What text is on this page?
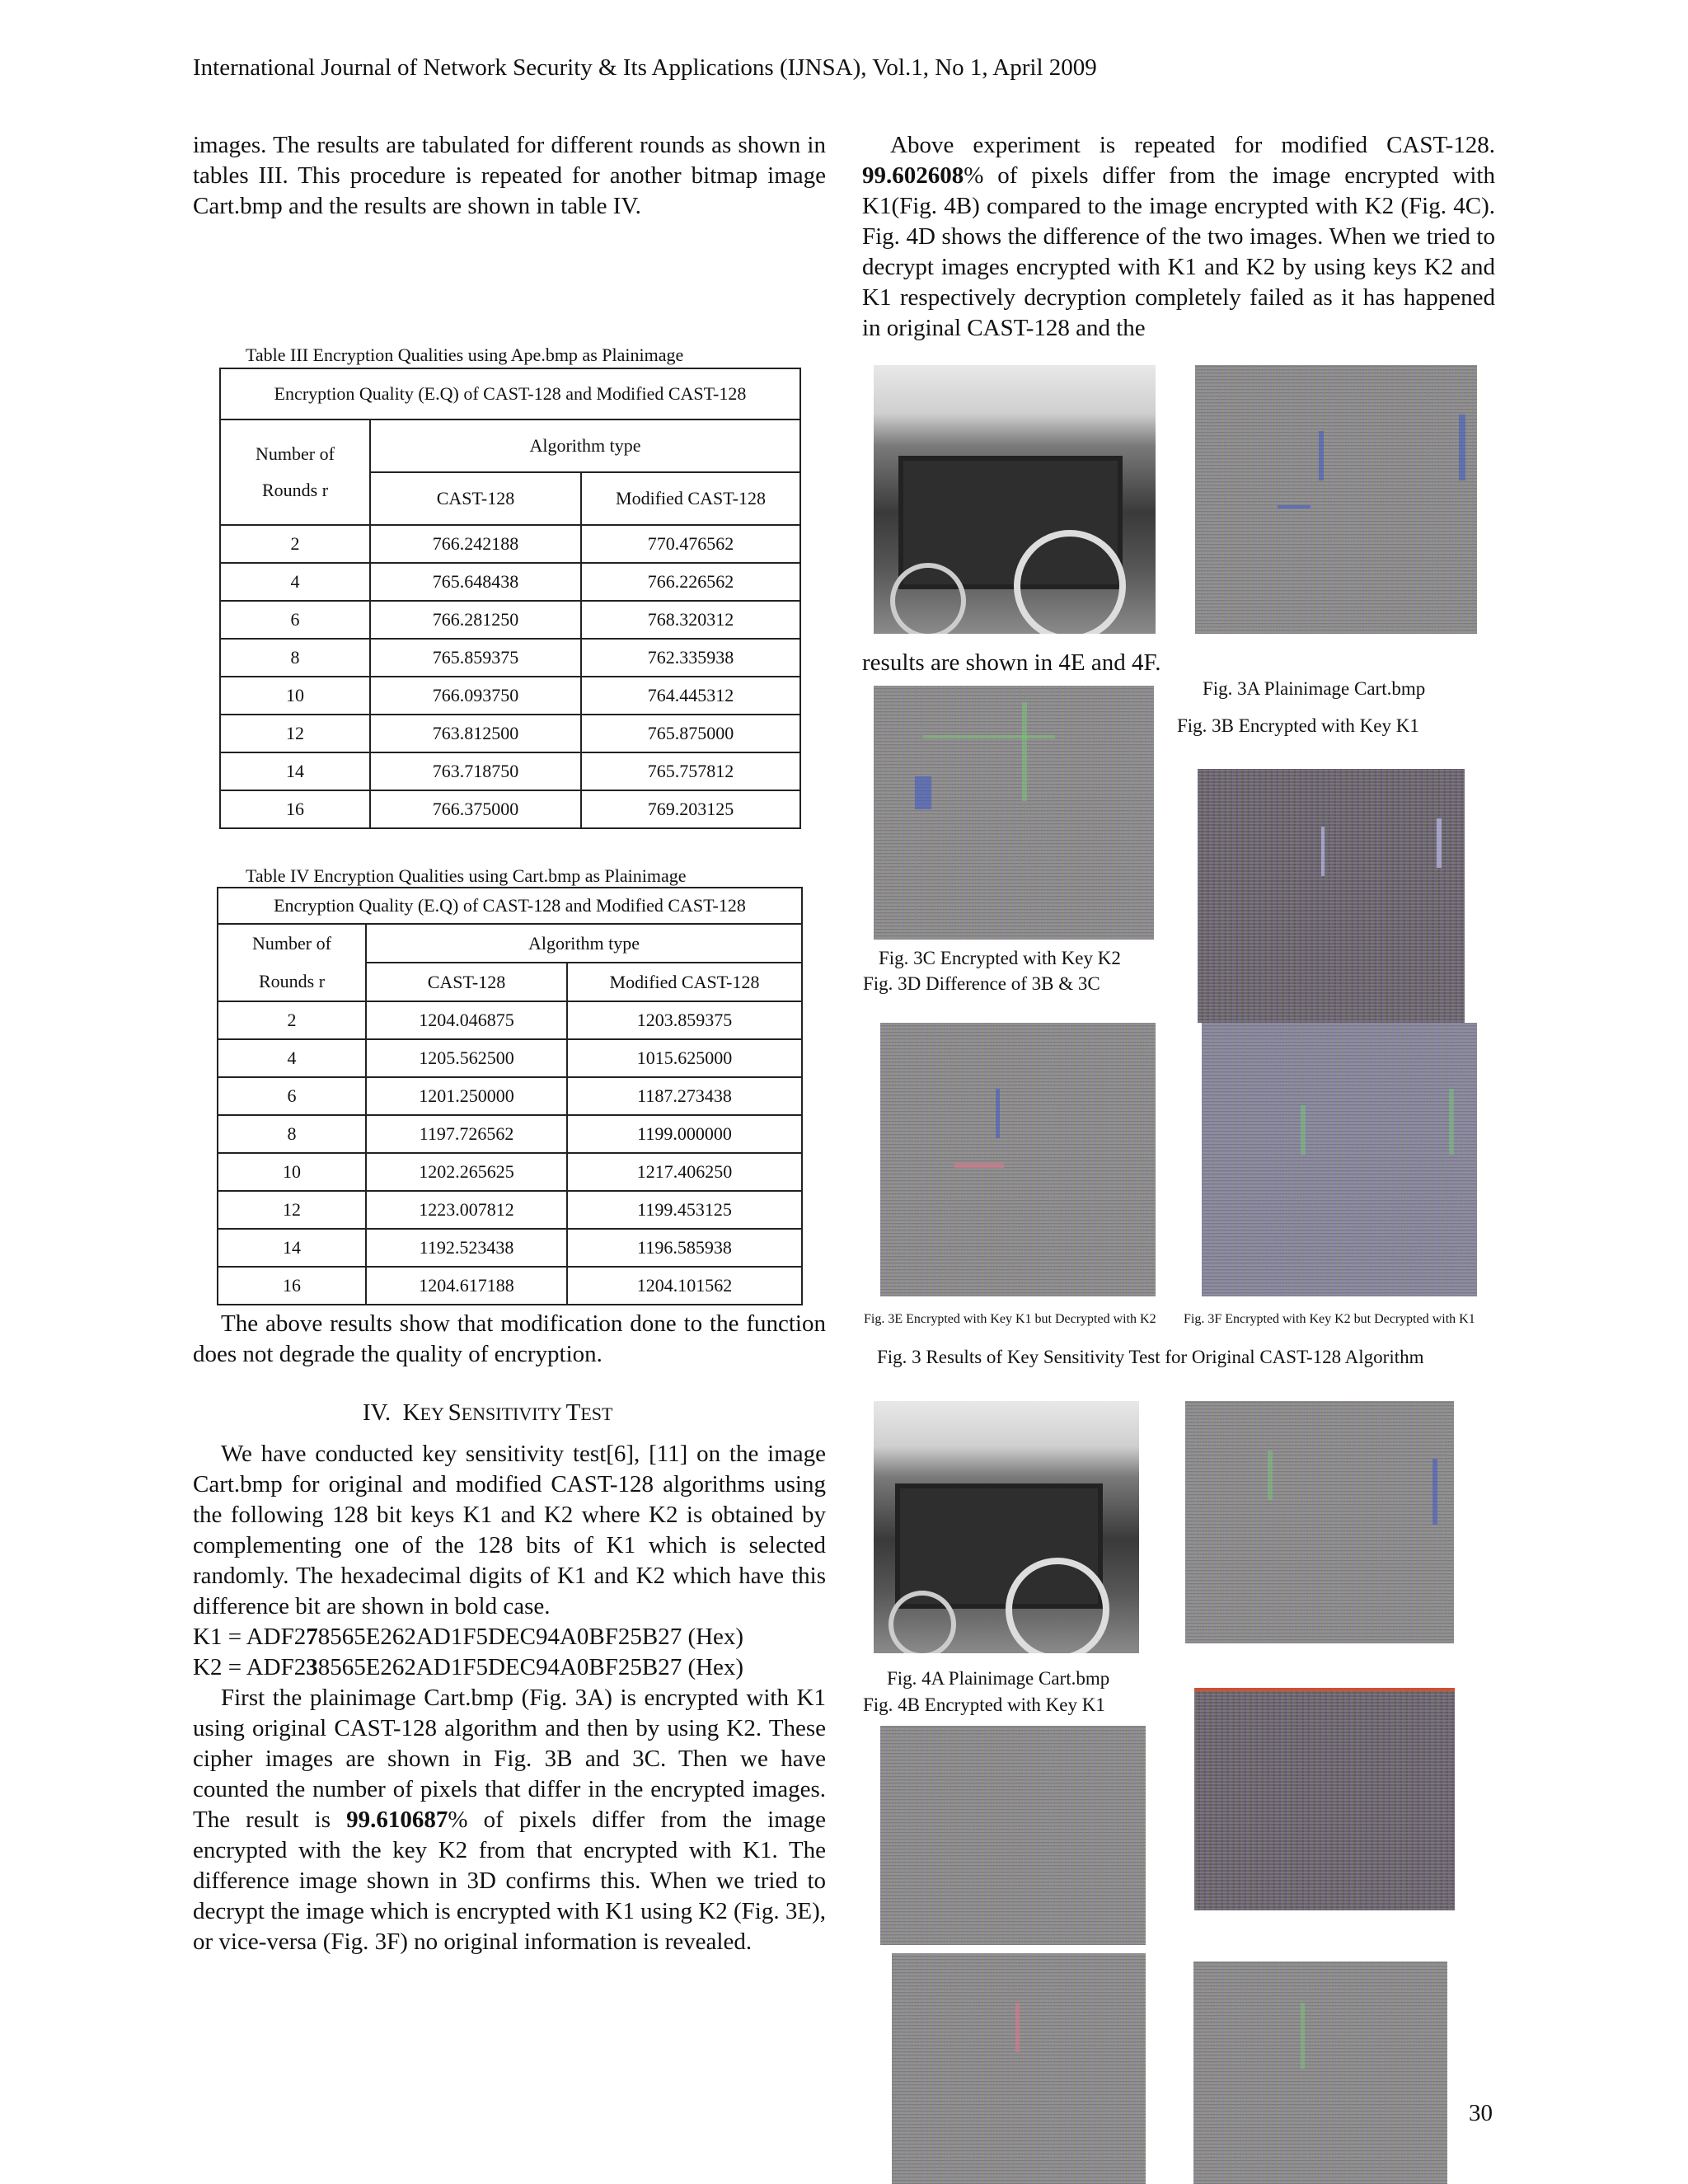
International Journal of Network Security & Its Applications (IJNSA), Vol.1, No 1, April 2009

images. The results are tabulated for different rounds as shown in tables III. This procedure is repeated for another bitmap image Cart.bmp and the results are shown in table IV.

Table III Encryption Qualities using Ape.bmp as Plainimage
Encryption Quality (E.Q) of CAST-128 and Modified CAST-128		
Number of
Rounds r	Algorithm type	
	CAST-128	Modified CAST-128
2	766.242188	770.476562
4	765.648438	766.226562
6	766.281250	768.320312
8	765.859375	762.335938
10	766.093750	764.445312
12	763.812500	765.875000
14	763.718750	765.757812
16	766.375000	769.203125
Table IV Encryption Qualities using Cart.bmp as Plainimage
Encryption Quality (E.Q) of CAST-128 and Modified CAST-128		
Number of
Rounds r	Algorithm type	
	CAST-128	Modified CAST-128
2	1204.046875	1203.859375
4	1205.562500	1015.625000
6	1201.250000	1187.273438
8	1197.726562	1199.000000
10	1202.265625	1217.406250
12	1223.007812	1199.453125
14	1192.523438	1196.585938
16	1204.617188	1204.101562

The above results show that modification done to the function does not degrade the quality of encryption.

IV. KEY SENSITIVITY TEST

We have conducted key sensitivity test[6], [11] on the image Cart.bmp for original and modified CAST-128 algorithms using the following 128 bit keys K1 and K2 where K2 is obtained by complementing one of the 128 bits of K1 which is selected randomly. The hexadecimal digits of K1 and K2 which have this difference bit are shown in bold case.

K1 = ADF278565E262AD1F5DEC94A0BF25B27 (Hex)

K2 = ADF238565E262AD1F5DEC94A0BF25B27 (Hex)

First the plainimage Cart.bmp (Fig. 3A) is encrypted with K1 using original CAST-128 algorithm and then by using K2. These cipher images are shown in Fig. 3B and 3C. Then we have counted the number of pixels that differ in the encrypted images. The result is 99.610687% of pixels differ from the image encrypted with the key K2 from that encrypted with K1. The difference image shown in 3D confirms this. When we tried to decrypt the image which is encrypted with K1 using K2 (Fig. 3E), or vice-versa (Fig. 3F) no original information is revealed.

Above experiment is repeated for modified CAST-128. 99.602608% of pixels differ from the image encrypted with K1(Fig. 4B) compared to the image encrypted with K2 (Fig. 4C). Fig. 4D shows the difference of the two images. When we tried to decrypt images encrypted with K1 and K2 by using keys K2 and K1 respectively decryption completely failed as it has happened in original CAST-128 and the

results are shown in 4E and 4F.
Fig. 3A Plainimage Cart.bmp
Fig. 3B Encrypted with Key K1
Fig. 3C Encrypted with Key K2
Fig. 3D Difference of 3B & 3C
Fig. 3E Encrypted with Key K1 but Decrypted with K2 Fig. 3F Encrypted with Key K2 but Decrypted with K1
Fig. 3 Results of Key Sensitivity Test for Original CAST-128 Algorithm
Fig. 4A Plainimage Cart.bmp
Fig. 4B Encrypted with Key K1
30
